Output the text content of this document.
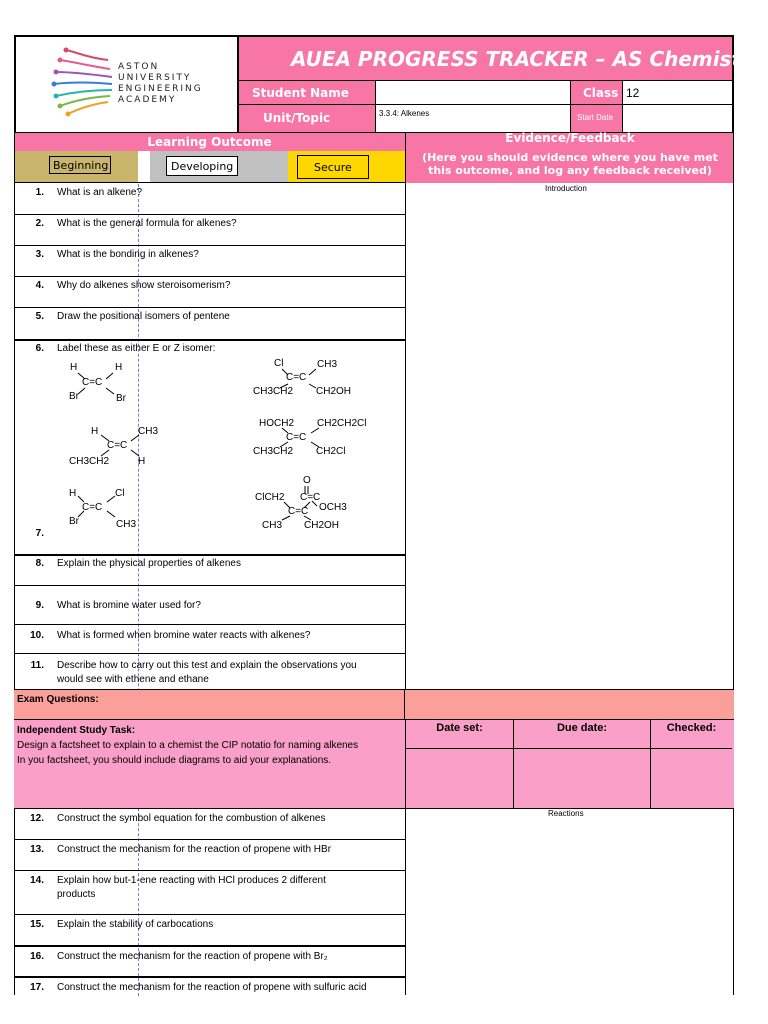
ASTON
UNIVERSITY
ENGINEERING
ACADEMY
AUEA PROGRESS TRACKER – AS Chemistry
Student Name	Class 12
Unit/Topic	3.3.4: Alkenes	Start Date
Learning Outcome	Evidence/Feedback
(Here you should evidence where you have met
this outcome, and log any feedback received)
Beginning	Developing	Secure
Introduction
1. What is an alkene?
2. What is the general formula for alkenes?
3. What is the bonding in alkenes?
4. Why do alkenes show steroisomerism?
5. Draw the positional isomers of pentene
6. Label these as either E or Z isomer:
H	H
C=C
Br	Br
H	CH3
C=C
CH3CH2	H
H	Cl
C=C
Br	CH3
Cl	CH3
C=C
CH3CH2 CH2OH
HOCH2 CH2CH2Cl
C=C
CH3CH2 CH2Cl
O
ClCH2 C=C
OCH3
C=C
CH3 CH2OH
7.
8. Explain the physical properties of alkenes
9. What is bromine water used for?
10. What is formed when bromine water reacts with alkenes?
11. Describe how to carry out this test and explain the observations you
would see with ethene and ethane
Exam Questions:
Independent Study Task:
Design a factsheet to explain to a chemist the CIP notatio for naming alkenes
In you factsheet, you should include diagrams to aid your explanations.
Date set:	Due date:	Checked:
Reactions
12. Construct the symbol equation for the combustion of alkenes
13. Construct the mechanism for the reaction of propene with HBr
14. Explain how but-1-ene reacting with HCl produces 2 different
products
15. Explain the stability of carbocations
16. Construct the mechanism for the reaction of propene with Br₂
17. Construct the mechanism for the reaction of propene with sulfuric acid
